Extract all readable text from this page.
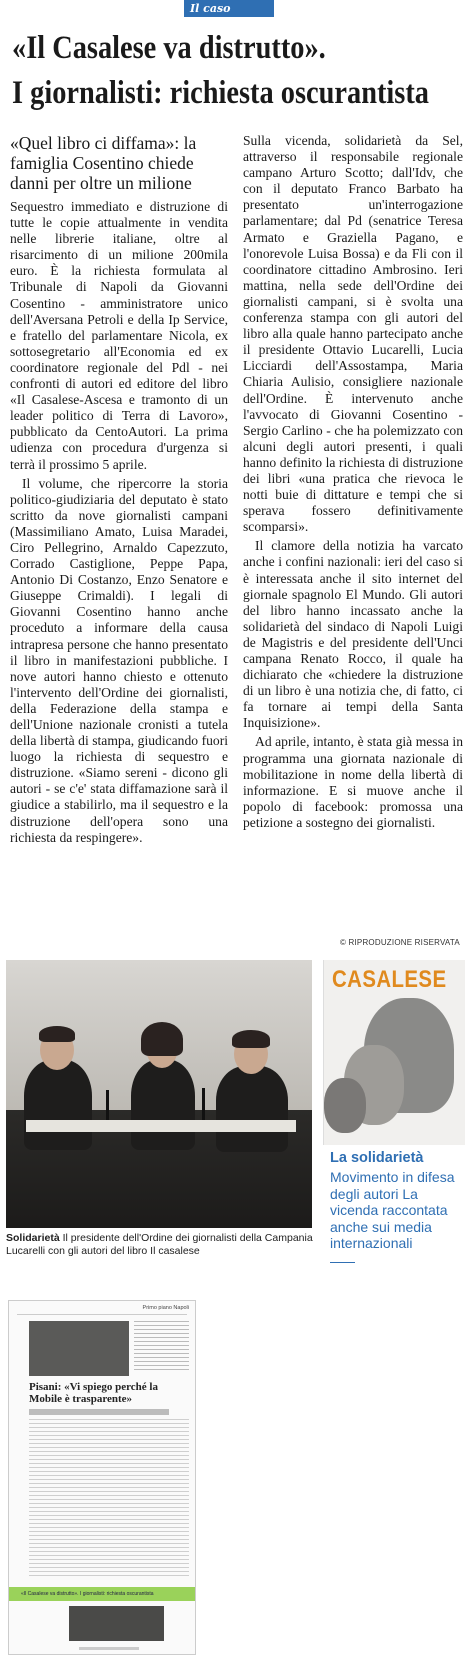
Il caso
«Il Casalese va distrutto».
I giornalisti: richiesta oscurantista
«Quel libro ci diffama»: la famiglia Cosentino chiede danni per oltre un milione

Sequestro immediato e distruzione di tutte le copie attualmente in vendita nelle librerie italiane, oltre al risarcimento di un milione 200mila euro. È la richiesta formulata al Tribunale di Napoli da Giovanni Cosentino - amministratore unico dell'Aversana Petroli e della Ip Service, e fratello del parlamentare Nicola, ex sottosegretario all'Economia ed ex coordinatore regionale del Pdl - nei confronti di autori ed editore del libro «Il Casalese-Ascesa e tramonto di un leader politico di Terra di Lavoro», pubblicato da CentoAutori. La prima udienza con procedura d'urgenza si terrà il prossimo 5 aprile.

Il volume, che ripercorre la storia politico-giudiziaria del deputato è stato scritto da nove giornalisti campani (Massimiliano Amato, Luisa Maradei, Ciro Pellegrino, Arnaldo Capezzuto, Corrado Castiglione, Peppe Papa, Antonio Di Costanzo, Enzo Senatore e Giuseppe Crimaldi). I legali di Giovanni Cosentino hanno anche proceduto a informare della causa intrapresa persone che hanno presentato il libro in manifestazioni pubbliche. I nove autori hanno chiesto e ottenuto l'intervento dell'Ordine dei giornalisti, della Federazione della stampa e dell'Unione nazionale cronisti a tutela della libertà di stampa, giudicando fuori luogo la richiesta di sequestro e distruzione. «Siamo sereni - dicono gli autori - se c'e' stata diffamazione sarà il giudice a stabilirlo, ma il sequestro e la distruzione dell'opera sono una richiesta da respingere».

Sulla vicenda, solidarietà da Sel, attraverso il responsabile regionale campano Arturo Scotto; dall'Idv, che con il deputato Franco Barbato ha presentato un'interrogazione parlamentare; dal Pd (senatrice Teresa Armato e Graziella Pagano, e l'onorevole Luisa Bossa) e da Fli con il coordinatore cittadino Ambrosino. Ieri mattina, nella sede dell'Ordine dei giornalisti campani, si è svolta una conferenza stampa con gli autori del libro alla quale hanno partecipato anche il presidente Ottavio Lucarelli, Lucia Licciardi dell'Assostampa, Maria Chiaria Aulisio, consigliere nazionale dell'Ordine. È intervenuto anche l'avvocato di Giovanni Cosentino - Sergio Carlino - che ha polemizzato con alcuni degli autori presenti, i quali hanno definito la richiesta di distruzione dei libri «una pratica che rievoca le notti buie di dittature e tempi che si sperava fossero definitivamente scomparsi».

Il clamore della notizia ha varcato anche i confini nazionali: ieri del caso si è interessata anche il sito internet del giornale spagnolo El Mundo. Gli autori del libro hanno incassato anche la solidarietà del sindaco di Napoli Luigi de Magistris e del presidente dell'Unci campana Renato Rocco, il quale ha dichiarato che «chiedere la distruzione di un libro è una notizia che, di fatto, ci fa tornare ai tempi della Santa Inquisizione».

Ad aprile, intanto, è stata già messa in programma una giornata nazionale di mobilitazione in nome della libertà di informazione. E si muove anche il popolo di facebook: promossa una petizione a sostegno dei giornalisti.

© RIPRODUZIONE RISERVATA
Solidarietà Il presidente dell'Ordine dei giornalisti della Campania Lucarelli con gli autori del libro Il casalese
CASALESE
La solidarietà
Movimento in difesa degli autori La vicenda raccontata anche sui media internazionali
Primo piano Napoli
Pisani: «Vi spiego perché la Mobile è trasparente»
«Il Casalese va distrutto». I giornalisti: richiesta oscurantista
